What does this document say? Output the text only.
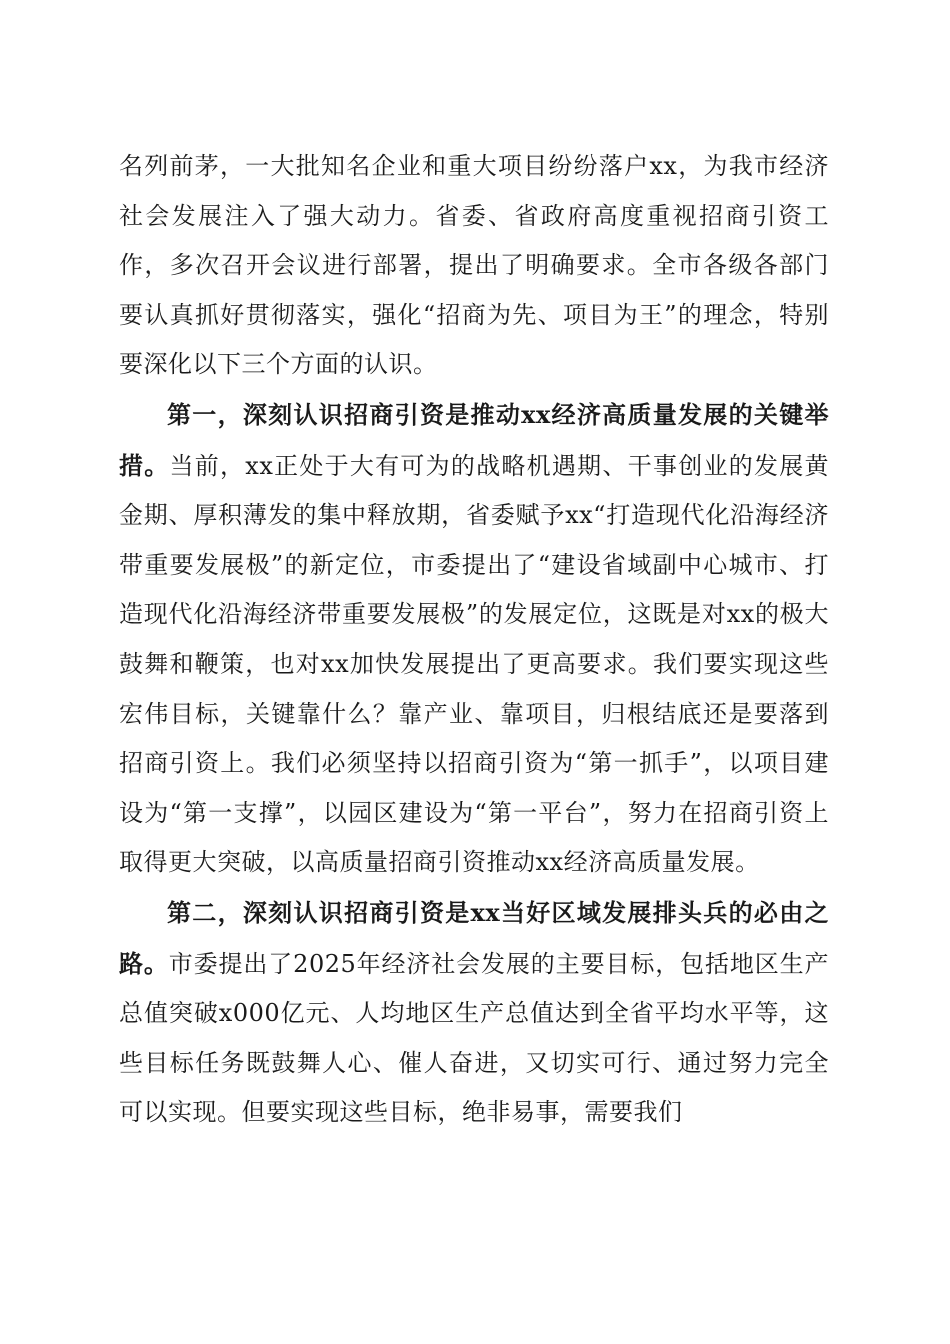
名列前茅，一大批知名企业和重大项目纷纷落户xx，为我市经济社会发展注入了强大动力。省委、省政府高度重视招商引资工作，多次召开会议进行部署，提出了明确要求。全市各级各部门要认真抓好贯彻落实，强化“招商为先、项目为王”的理念，特别要深化以下三个方面的认识。

第一，深刻认识招商引资是推动xx经济高质量发展的关键举措。当前，xx正处于大有可为的战略机遇期、干事创业的发展黄金期、厚积薄发的集中释放期，省委赋予xx“打造现代化沿海经济带重要发展极”的新定位，市委提出了“建设省域副中心城市、打造现代化沿海经济带重要发展极”的发展定位，这既是对xx的极大鼓舞和鞭策，也对xx加快发展提出了更高要求。我们要实现这些宏伟目标，关键靠什么？靠产业、靠项目，归根结底还是要落到招商引资上。我们必须坚持以招商引资为“第一抓手”，以项目建设为“第一支撑”，以园区建设为“第一平台”，努力在招商引资上取得更大突破，以高质量招商引资推动xx经济高质量发展。

第二，深刻认识招商引资是xx当好区域发展排头兵的必由之路。市委提出了2025年经济社会发展的主要目标，包括地区生产总值突破x000亿元、人均地区生产总值达到全省平均水平等，这些目标任务既鼓舞人心、催人奋进，又切实可行、通过努力完全可以实现。但要实现这些目标，绝非易事，需要我们
